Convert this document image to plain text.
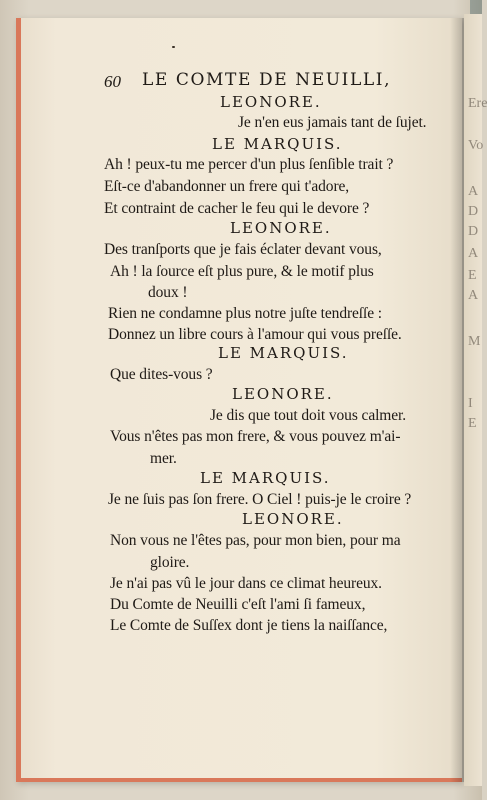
Ere
Vo
A
D
D
A
E
A
M
I
E
60 LE COMTE DE NEUILLI,
LEONORE.
Je n'en eus jamais tant de ſujet.
LE MARQUIS.
Ah ! peux-tu me percer d'un plus ſenſible trait ?
Eſt-ce d'abandonner un frere qui t'adore,
Et contraint de cacher le feu qui le devore ?
LEONORE.
Des tranſports que je fais éclater devant vous,
Ah ! la ſource eſt plus pure, & le motif plus
doux !
Rien ne condamne plus notre juſte tendreſſe :
Donnez un libre cours à l'amour qui vous preſſe.
LE MARQUIS.
Que dites-vous ?
LEONORE.
Je dis que tout doit vous calmer.
Vous n'êtes pas mon frere, & vous pouvez m'ai-
mer.
LE MARQUIS.
Je ne ſuis pas ſon frere. O Ciel ! puis-je le croire ?
LEONORE.
Non vous ne l'êtes pas, pour mon bien, pour ma
gloire.
Je n'ai pas vû le jour dans ce climat heureux.
Du Comte de Neuilli c'eſt l'ami ſi fameux,
Le Comte de Suſſex dont je tiens la naiſſance,
